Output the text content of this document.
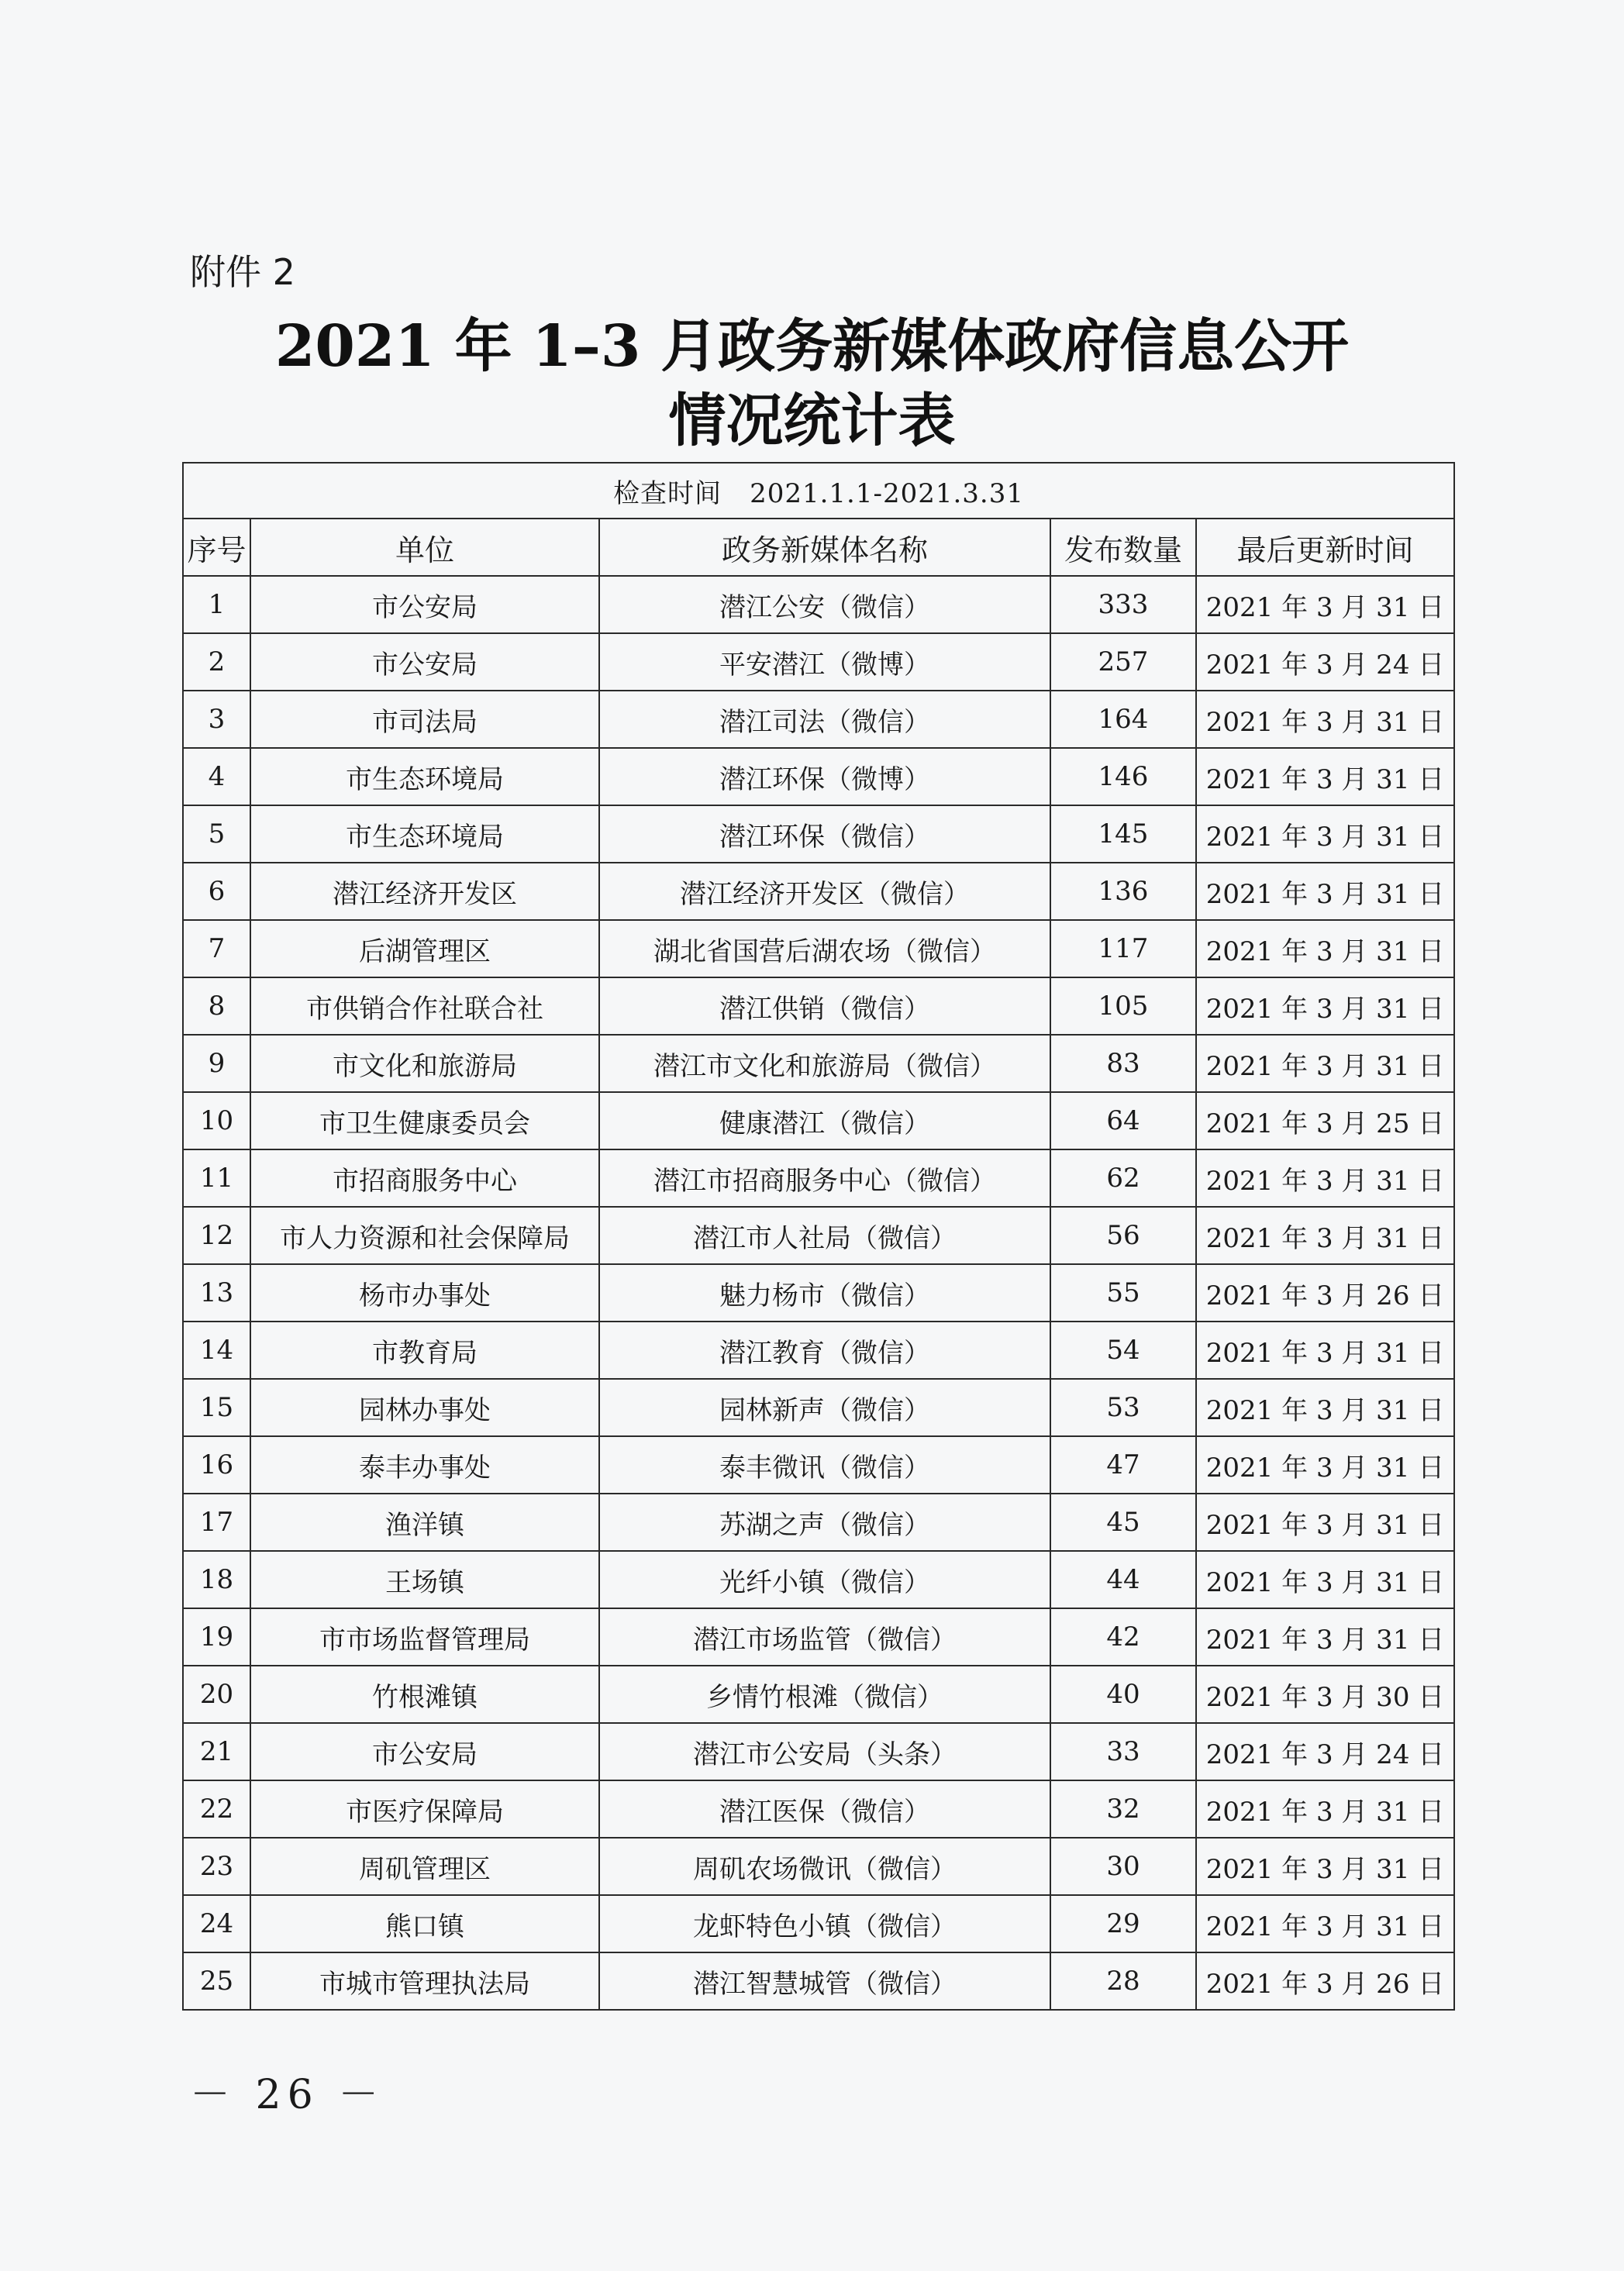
附件 2
2021 年 1–3 月政务新媒体政府信息公开
情况统计表
检查时间 2021.1.1-2021.3.31				
序号	单位	政务新媒体名称	发布数量	最后更新时间
1	市公安局	潜江公安（微信）	333	2021 年 3 月 31 日
2	市公安局	平安潜江（微博）	257	2021 年 3 月 24 日
3	市司法局	潜江司法（微信）	164	2021 年 3 月 31 日
4	市生态环境局	潜江环保（微博）	146	2021 年 3 月 31 日
5	市生态环境局	潜江环保（微信）	145	2021 年 3 月 31 日
6	潜江经济开发区	潜江经济开发区（微信）	136	2021 年 3 月 31 日
7	后湖管理区	湖北省国营后湖农场（微信）	117	2021 年 3 月 31 日
8	市供销合作社联合社	潜江供销（微信）	105	2021 年 3 月 31 日
9	市文化和旅游局	潜江市文化和旅游局（微信）	83	2021 年 3 月 31 日
10	市卫生健康委员会	健康潜江（微信）	64	2021 年 3 月 25 日
11	市招商服务中心	潜江市招商服务中心（微信）	62	2021 年 3 月 31 日
12	市人力资源和社会保障局	潜江市人社局（微信）	56	2021 年 3 月 31 日
13	杨市办事处	魅力杨市（微信）	55	2021 年 3 月 26 日
14	市教育局	潜江教育（微信）	54	2021 年 3 月 31 日
15	园林办事处	园林新声（微信）	53	2021 年 3 月 31 日
16	泰丰办事处	泰丰微讯（微信）	47	2021 年 3 月 31 日
17	渔洋镇	苏湖之声（微信）	45	2021 年 3 月 31 日
18	王场镇	光纤小镇（微信）	44	2021 年 3 月 31 日
19	市市场监督管理局	潜江市场监管（微信）	42	2021 年 3 月 31 日
20	竹根滩镇	乡情竹根滩（微信）	40	2021 年 3 月 30 日
21	市公安局	潜江市公安局（头条）	33	2021 年 3 月 24 日
22	市医疗保障局	潜江医保（微信）	32	2021 年 3 月 31 日
23	周矶管理区	周矶农场微讯（微信）	30	2021 年 3 月 31 日
24	熊口镇	龙虾特色小镇（微信）	29	2021 年 3 月 31 日
25	市城市管理执法局	潜江智慧城管（微信）	28	2021 年 3 月 26 日
－ 26 －
